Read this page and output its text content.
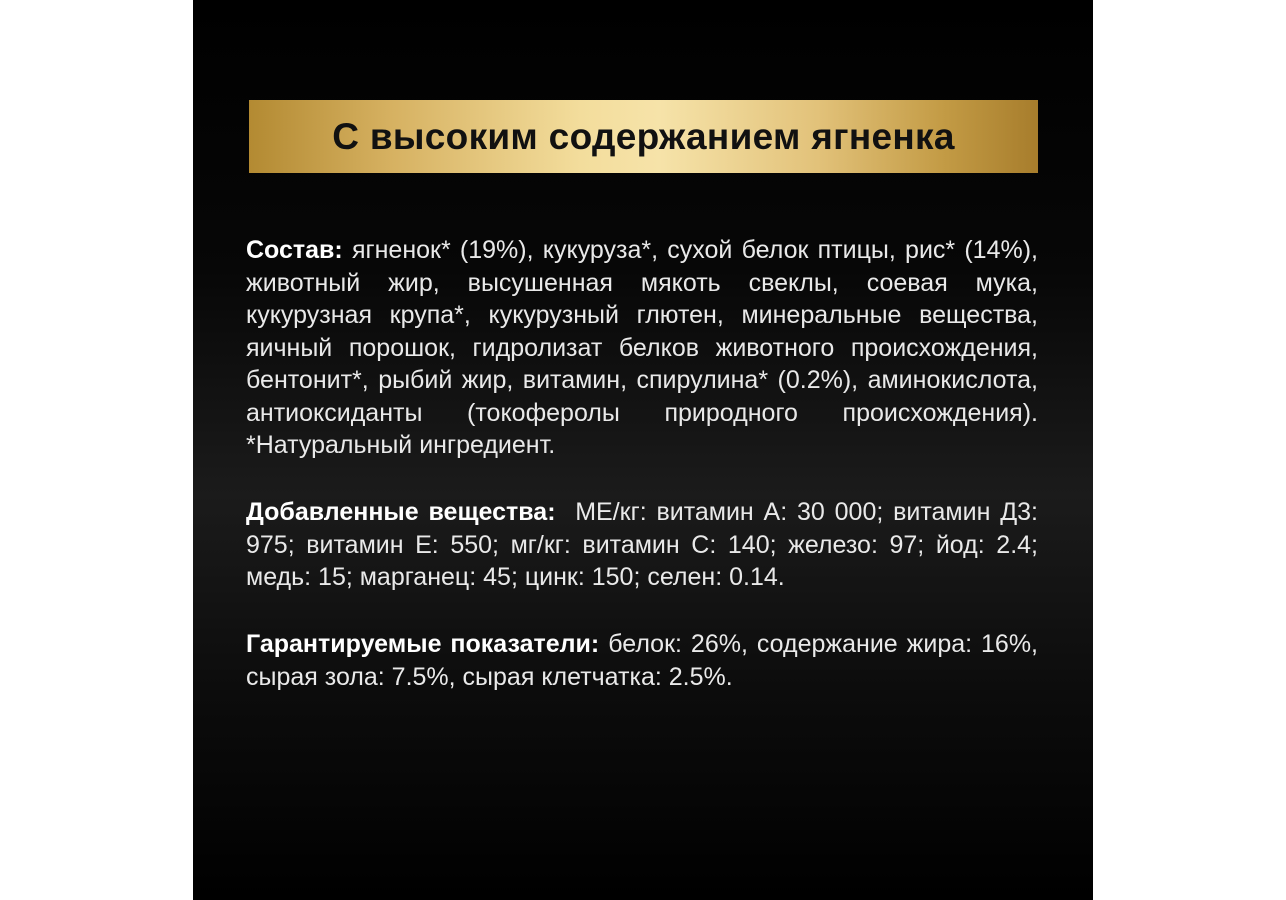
С высоким содержанием ягненка
Состав: ягненок* (19%), кукуруза*, сухой белок птицы, рис* (14%), животный жир, высушенная мякоть свеклы, соевая мука, кукурузная крупа*, кукурузный глютен, минеральные вещества, яичный порошок, гидролизат белков животного происхождения, бентонит*, рыбий жир, витамин, спирулина* (0.2%), аминокислота, антиоксиданты (токоферолы природного происхождения). *Натуральный ингредиент.
Добавленные вещества: МЕ/кг: витамин А: 30 000; витамин Д3: 975; витамин Е: 550; мг/кг: витамин С: 140; железо: 97; йод: 2.4; медь: 15; марганец: 45; цинк: 150; селен: 0.14.
Гарантируемые показатели: белок: 26%, содержание жира: 16%, сырая зола: 7.5%, сырая клетчатка: 2.5%.
